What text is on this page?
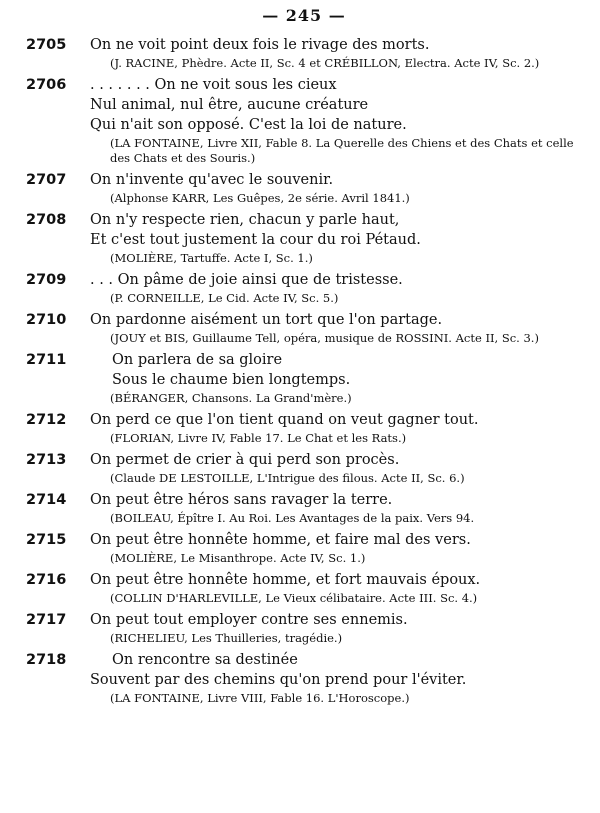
— 245 —
2705	On ne voit point deux fois le rivage des morts.
(J. RACINE, Phèdre. Acte II, Sc. 4 et CRÉBILLON, Electra. Acte IV, Sc. 2.)
2706	. . . . . . . On ne voit sous les cieux
Nul animal, nul être, aucune créature
Qui n'ait son opposé. C'est la loi de nature.
(LA FONTAINE, Livre XII, Fable 8. La Querelle des Chiens et des Chats et celle des Chats et des Souris.)
2707	On n'invente qu'avec le souvenir.
(Alphonse KARR, Les Guêpes, 2e série. Avril 1841.)
2708	On n'y respecte rien, chacun y parle haut,
Et c'est tout justement la cour du roi Pétaud.
(MOLIÈRE, Tartuffe. Acte I, Sc. 1.)
2709	. . . On pâme de joie ainsi que de tristesse.
(P. CORNEILLE, Le Cid. Acte IV, Sc. 5.)
2710	On pardonne aisément un tort que l'on partage.
(JOUY et BIS, Guillaume Tell, opéra, musique de ROSSINI. Acte II, Sc. 3.)
2711	On parlera de sa gloire
Sous le chaume bien longtemps.
(BÉRANGER, Chansons. La Grand'mère.)
2712	On perd ce que l'on tient quand on veut gagner tout.
(FLORIAN, Livre IV, Fable 17. Le Chat et les Rats.)
2713	On permet de crier à qui perd son procès.
(Claude DE LESTOILLE, L'Intrigue des filous. Acte II, Sc. 6.)
2714	On peut être héros sans ravager la terre.
(BOILEAU, Épître I. Au Roi. Les Avantages de la paix. Vers 94.
2715	On peut être honnête homme, et faire mal des vers.
(MOLIÈRE, Le Misanthrope. Acte IV, Sc. 1.)
2716	On peut être honnête homme, et fort mauvais époux.
(COLLIN D'HARLEVILLE, Le Vieux célibataire. Acte III. Sc. 4.)
2717	On peut tout employer contre ses ennemis.
(RICHELIEU, Les Thuilleries, tragédie.)
2718	On rencontre sa destinée
Souvent par des chemins qu'on prend pour l'éviter.
(LA FONTAINE, Livre VIII, Fable 16. L'Horoscope.)
